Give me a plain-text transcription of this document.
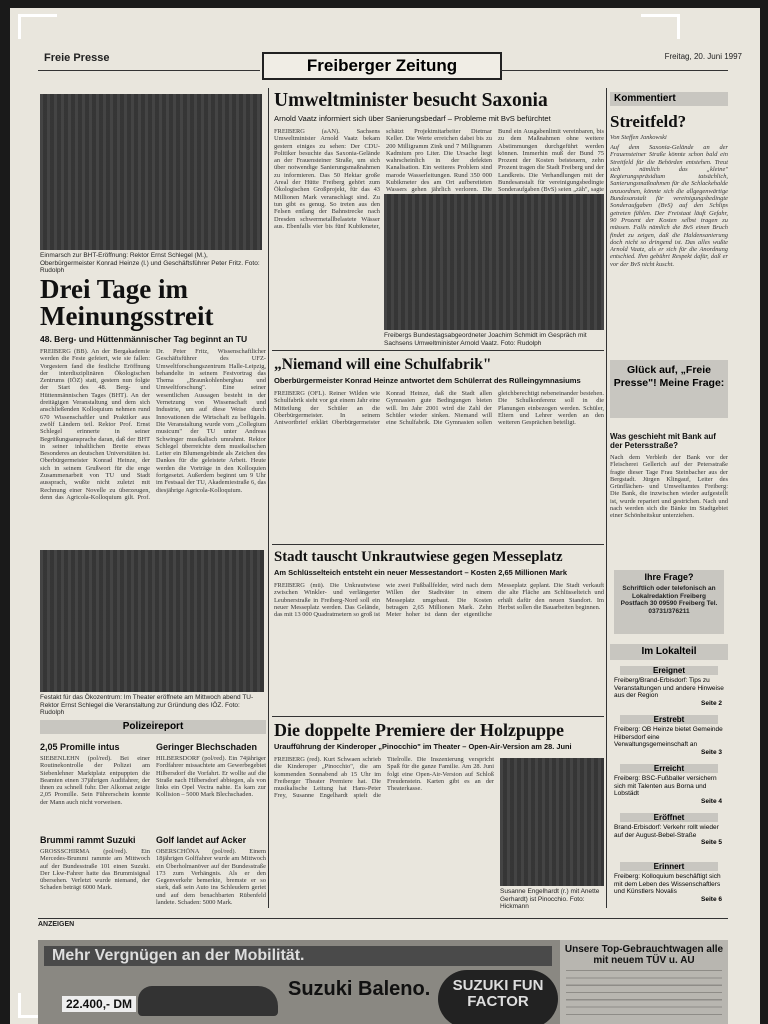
Freie Presse	Freiberger Zeitung	Freitag, 20. Juni 1997
Einmarsch zur BHT-Eröffnung: Rektor Ernst Schlegel (M.), Oberbürgermeister Konrad Heinze (l.) und Geschäftsführer Peter Fritz. Foto: Rudolph
Drei Tage im Meinungsstreit
48. Berg- und Hüttenmännischer Tag beginnt an TU
FREIBERG (BB). An der Bergakademie werden die Feste gefeiert, wie sie fallen: Vorgestern fand die festliche Eröffnung der interdisziplinären Ökologischen Zentrums (IÖZ) statt, gestern nun folgte der Start des 48. Berg- und Hüttenmännischen Tages (BHT). An der dreitägigen Veranstaltung und dem sich anschließenden Kolloquium nehmen rund 670 Wissenschaftler und Praktiker aus zwölf Ländern teil. Rektor Prof. Ernst Schlegel erinnerte in seiner Begrüßungsansprache daran, daß der BHT in seiner inhaltlichen Breite etwas Besonderes an deutschen Universitäten ist. Oberbürgermeister Konrad Heinze, der sich in seinem Grußwort für die enge Zusammenarbeit von TU und Stadt aussprach, wußte nicht zuletzt mit Rechnung einer Novelle zu überzeugen, denn das Agricola-Kolloquium gilt. Prof. Dr. Peter Fritz, Wissenschaftlicher Geschäftsführer des UFZ-Umweltforschungszentrum Halle-Leipzig, behandelte in seinem Festvortrag das Thema „Braunkohlenbergbau und Umweltforschung". Eine seiner wesentlichen Aussagen besteht in der Vernetzung von Wissenschaft und Industrie, um auf diese Weise durch Innovationen die Wirtschaft zu beflügeln. Die Veranstaltung wurde vom „Collegium musicum" der TU unter Andreas Schwinger musikalisch umrahmt. Rektor Schlegel überreichte dem musikalischen Leiter ein Blumengebinde als Zeichen des Dankes für die geleistete Arbeit. Heute werden die Vorträge in den Kolloquien fortgesetzt. Außerdem beginnt um 9 Uhr im Festsaal der TU, Akademiestraße 6, das diesjährige Agricola-Kolloquium.
Umweltminister besucht Saxonia
Arnold Vaatz informiert sich über Sanierungsbedarf – Probleme mit BvS befürchtet
FREIBERG (aAN). Sachsens Umweltminister Arnold Vaatz bekam gestern einiges zu sehen: Der CDU-Politiker besuchte das Saxonia-Gelände an der Frauensteiner Straße, um sich über notwendige Sanierungsmaßnahmen zu informieren. Das 50 Hektar große Areal der Hütte Freiberg gehört zum Ökologischen Großprojekt, für das 43 Millionen Mark veranschlagt sind. Zu tun gibt es genug. So treten aus den Felsen entlang der Bahnstrecke nach Dresden schwermetallbelastete Wässer aus. Ebenfalls vier bis fünf Kubikmeter, schätzt Projektmitarbeiter Dietmar Keller. Die Werte erreichen dabei bis zu 200 Milligramm Zink und 7 Milligramm Kadmium pro Liter. Die Ursache liegt wahrscheinlich in der defekten Kanalisation. Ein weiteres Problem sind marode Wasserleitungen. Rund 350 000 Kubikmeter des am Ort aufbereiteten Wassers gehen jährlich verloren. Die Bund ein Ausgabenlimit vereinbaren, bis zu dem Maßnahmen ohne weitere Abstimmungen durchgeführt werden können. Immerhin muß der Bund 75 Prozent der Kosten beisteuern, zehn Prozent tragen die Stadt Freiberg und der Landkreis. Die Verhandlungen mit der Bundesanstalt für vereinigungsbedingte Sonderaufgaben (BvS) seien „zäh", sagte
Freibergs Bundestagsabgeordneter Joachim Schmidt im Gespräch mit Sachsens Umweltminister Arnold Vaatz. Foto: Rudolph
„Niemand will eine Schulfabrik"
Oberbürgermeister Konrad Heinze antwortet dem Schülerrat des Rülleingymnasiums
FREIBERG (OFL). Reiner Wilden wie Schulfabrik sieht vor gut einem Jahr eine Mitteilung der Schüler an die Oberbürgermeister. In seinem Antwortbrief erklärt Oberbürgermeister Konrad Heinze, daß die Stadt allen Gymnasien gute Bedingungen bieten will. Im Jahr 2001 wird die Zahl der Schüler wieder sinken. Niemand will eine Schulfabrik. Die Gymnasien sollen gleichberechtigt nebeneinander bestehen. Die Schulkonferenz soll in die Planungen einbezogen werden. Schüler, Eltern und Lehrer werden an den weiteren Gesprächen beteiligt.
Stadt tauscht Unkrautwiese gegen Messeplatz
Am Schlüsselteich entsteht ein neuer Messestandort – Kosten 2,65 Millionen Mark
FREIBERG (mü). Die Unkrautwiese zwischen Winkler- und verlängerter Leubnerstraße in Freiberg-Nord soll ein neuer Messeplatz werden. Das Gelände, das mit 13 000 Quadratmetern so groß ist wie zwei Fußballfelder, wird nach dem Willen der Stadtväter in einem Messeplatz umgebaut. Die Kosten betragen 2,65 Millionen Mark. Zehn Meter hoher ist dann der eigentliche Messeplatz geplant. Die Stadt verkauft die alte Fläche am Schlüsselteich und erhält dafür den neuen Standort. Im Herbst sollen die Bauarbeiten beginnen.
Festakt für das Ökozentrum: Im Theater eröffnete am Mittwoch abend TU-Rektor Ernst Schlegel die Veranstaltung zur Gründung des IÖZ. Foto: Rudolph
Polizeireport
2,05 Promille intus
SIEBENLEHN (pol/red). Bei einer Routinekontrolle der Polizei am Siebenlehner Marktplatz entpuppten die Beamten einen 37jährigen Audifahrer, der ihnen zu schnell fuhr. Der Alkomat zeigte 2,05 Promille. Sein Führerschein konnte der Mann auch nicht vorweisen.
Brummi rammt Suzuki
GROSSSCHIRMA (pol/red). Ein Mercedes-Brummi rammte am Mittwoch auf der Bundesstraße 101 einen Suzuki. Der Lkw-Fahrer hatte das Brummisignal übersehen. Verletzt wurde niemand, der Schaden beträgt 6000 Mark.
Geringer Blechschaden
HILBERSDORF (pol/red). Ein 74jähriger Fordfahrer missachtete am Gewerbegebiet Hilbersdorf die Vorfahrt. Er wollte auf die Straße nach Hilbersdorf abbiegen, als von links ein Opel Vectra nahte. Es kam zur Kollision – 5000 Mark Blechschaden.
Golf landet auf Acker
OBERSCHÖNA (pol/red). Einem 18jährigen Golffahrer wurde am Mittwoch ein Überholmanöver auf der Bundesstraße 173 zum Verhängnis. Als er den Gegenverkehr bemerkte, bremste er so stark, daß sein Auto ins Schleudern geriet und auf dem benachbarten Rübenfeld landete. Schaden: 5000 Mark.
Die doppelte Premiere der Holzpuppe
Uraufführung der Kinderoper „Pinocchio" im Theater – Open-Air-Version am 28. Juni
FREIBERG (red). Kurt Schwaen schrieb die Kinderoper „Pinocchio", die am kommenden Sonnabend ab 15 Uhr im Freiberger Theater Premiere hat. Die musikalische Leitung hat Hans-Peter Frey, Susanne Engelhardt spielt die Titelrolle. Die Inszenierung verspricht Spaß für die ganze Familie. Am 28. Juni folgt eine Open-Air-Version auf Schloß Freudenstein. Karten gibt es an der Theaterkasse.
Susanne Engelhardt (r.) mit Anette Gerhardt) ist Pinocchio. Foto: Hickmann
Kommentiert
Streitfeld?
Von Steffen Jankowski
Auf dem Saxonia-Gelände an der Frauensteiner Straße könnte schon bald ein Streitfeld für die Behörden entstehen. Treut sich nämlich das „kleine" Regierungspräsidium tatsächlich, Sanierungsmaßnahmen für die Schlackehalde anzuordnen, könnte sich die allgegenwärtige Bundesanstalt für vereinigungsbedingte Sonderaufgaben (BvS) auf den Schlips getreten fühlen. Der Freistaat läuft Gefahr, 90 Prozent der Kosten selbst tragen zu müssen. Falls nämlich die BvS einen Bruch findet zu zeigen, daß die Haldensanierung doch nicht so dringend ist. Das alles wußte Arnold Vaatz, als er sich für die Anordnung entschied. Ihm gebührt Respekt dafür, daß er vor der BvS nicht kuscht.
Glück auf, „Freie Presse"! Meine Frage:
Was geschieht mit Bank auf der Petersstraße?
Nach dem Verbleib der Bank vor der Fleischerei Gellerich auf der Petersstraße fragte dieser Tage Frau Steinbacher aus der Bergstadt. Jürgen Klingauf, Leiter des Grünflächen- und Umweltamtes Freiberg: Die Bank, die inzwischen wieder aufgestellt ist, wurde repariert und gestrichen. Nach und nach werden sich die Bänke im Stadtgebiet einer Schönheitskur unterziehen.
Ihre Frage?
Schriftlich oder telefonisch an Lokalredaktion Freiberg Postfach 30 09590 Freiberg Tel. 03731/376211
Im Lokalteil
Ereignet
Freiberg/Brand-Erbisdorf: Tips zu Veranstaltungen und andere Hinweise aus der Region
Seite 2
Erstrebt
Freiberg: OB Heinze bietet Gemeinde Hilbersdorf eine Verwaltungsgemeinschaft an
Seite 3
Erreicht
Freiberg: BSC-Fußballer versichern sich mit Talenten aus Borna und Lobstädt
Seite 4
Eröffnet
Brand-Erbisdorf: Verkehr rollt wieder auf der August-Bebel-Straße
Seite 5
Erinnert
Freiberg: Kolloquium beschäftigt sich mit dem Leben des Wissenschaftlers und Künstlers Novalis
Seite 6
ANZEIGEN
Mehr Vergnügen an der Mobilität.
22.400,- DM
Suzuki Baleno.	SUZUKI FUN FACTOR
Unsere Top-Gebrauchtwagen alle mit neuem TÜV u. AU
